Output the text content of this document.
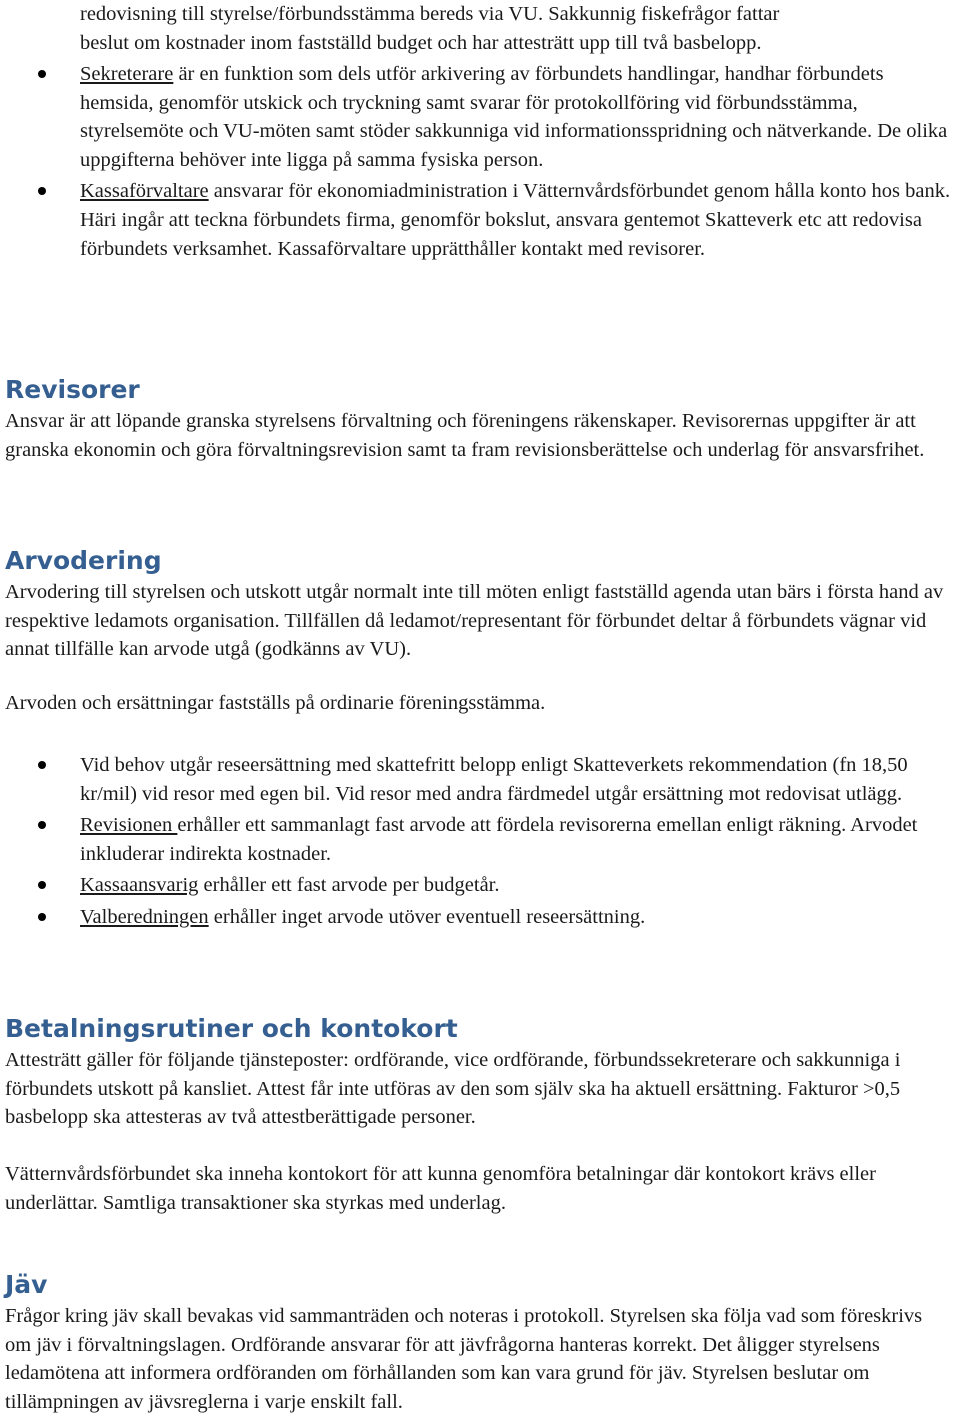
redovisning till styrelse/förbundsstämma bereds via VU. Sakkunnig fiskefrågor fattar

beslut om kostnader inom fastställd budget och har attesträtt upp till två basbelopp.

Sekreterare är en funktion som dels utför arkivering av förbundets handlingar, handhar förbundets hemsida, genomför utskick och tryckning samt svarar för protokollföring vid förbundsstämma, styrelsemöte och VU-möten samt stöder sakkunniga vid informationsspridning och nätverkande. De olika uppgifterna behöver inte ligga på samma fysiska person.
Kassaförvaltare ansvarar för ekonomiadministration i Vätternvårdsförbundet genom hålla konto hos bank. Häri ingår att teckna förbundets firma, genomför bokslut, ansvara gentemot Skatteverk etc att redovisa förbundets verksamhet. Kassaförvaltare upprätthåller kontakt med revisorer.
Revisorer

Ansvar är att löpande granska styrelsens förvaltning och föreningens räkenskaper. Revisorernas uppgifter är att granska ekonomin och göra förvaltningsrevision samt ta fram revisionsberättelse och underlag för ansvarsfrihet.

Arvodering

Arvodering till styrelsen och utskott utgår normalt inte till möten enligt fastställd agenda utan bärs i första hand av respektive ledamots organisation. Tillfällen då ledamot/representant för förbundet deltar å förbundets vägnar vid annat tillfälle kan arvode utgå (godkänns av VU).

Arvoden och ersättningar fastställs på ordinarie föreningsstämma.

Vid behov utgår reseersättning med skattefritt belopp enligt Skatteverkets rekommendation (fn 18,50 kr/mil) vid resor med egen bil. Vid resor med andra färdmedel utgår ersättning mot redovisat utlägg.
Revisionen erhåller ett sammanlagt fast arvode att fördela revisorerna emellan enligt räkning. Arvodet inkluderar indirekta kostnader.
Kassaansvarig erhåller ett fast arvode per budgetår.
Valberedningen erhåller inget arvode utöver eventuell reseersättning.
Betalningsrutiner och kontokort

Attesträtt gäller för följande tjänsteposter: ordförande, vice ordförande, förbundssekreterare och sakkunniga i förbundets utskott på kansliet. Attest får inte utföras av den som själv ska ha aktuell ersättning. Fakturor >0,5 basbelopp ska attesteras av två attestberättigade personer.

Vätternvårdsförbundet ska inneha kontokort för att kunna genomföra betalningar där kontokort krävs eller underlättar. Samtliga transaktioner ska styrkas med underlag.

Jäv

Frågor kring jäv skall bevakas vid sammanträden och noteras i protokoll. Styrelsen ska följa vad som föreskrivs om jäv i förvaltningslagen. Ordförande ansvarar för att jävfrågorna hanteras korrekt. Det åligger styrelsens ledamötena att informera ordföranden om förhållanden som kan vara grund för jäv. Styrelsen beslutar om tillämpningen av jävsreglerna i varje enskilt fall.
